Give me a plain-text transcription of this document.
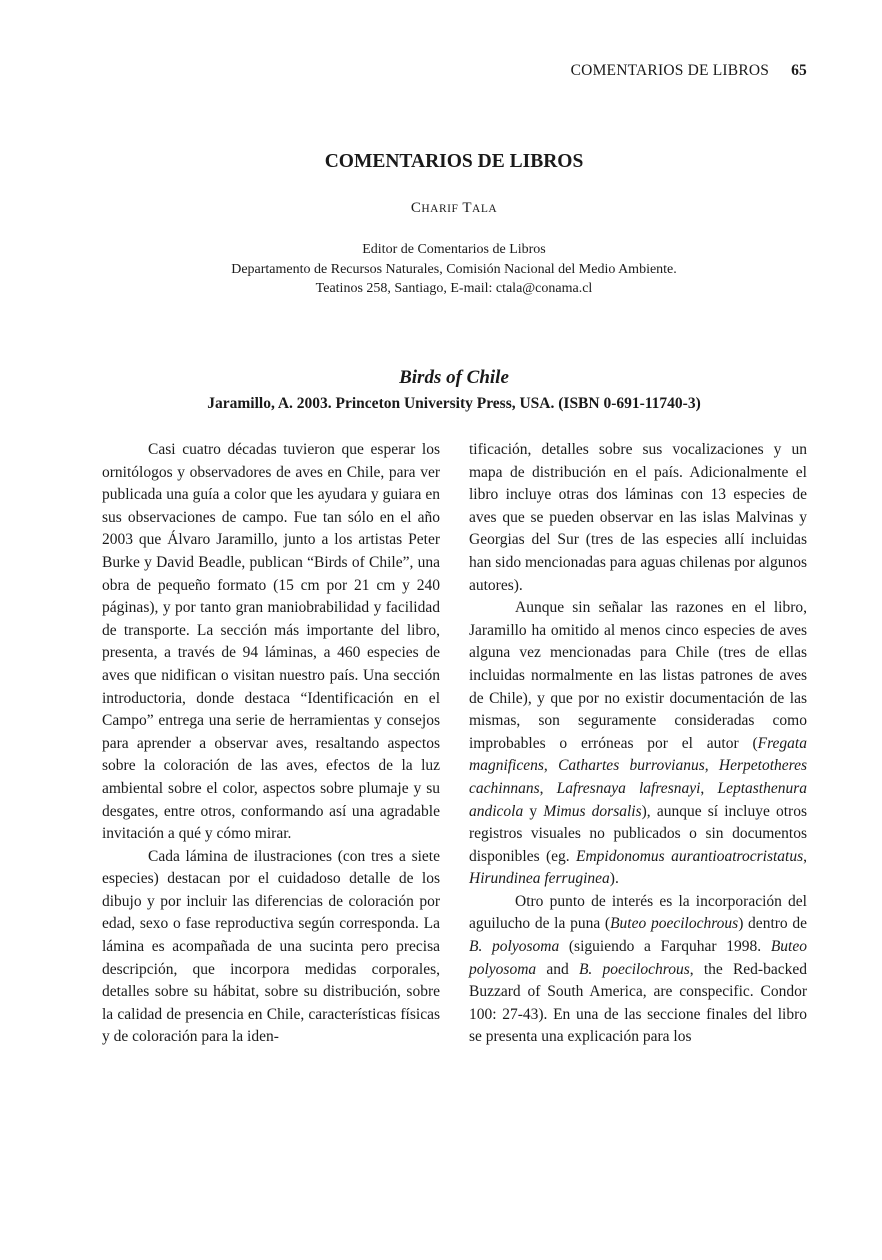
COMENTARIOS DE LIBROS 65
COMENTARIOS DE LIBROS
CHARIF TALA
Editor de Comentarios de Libros
Departamento de Recursos Naturales, Comisión Nacional del Medio Ambiente.
Teatinos 258, Santiago, E-mail: ctala@conama.cl
Birds of Chile
Jaramillo, A. 2003. Princeton University Press, USA. (ISBN 0-691-11740-3)

Casi cuatro décadas tuvieron que esperar los ornitólogos y observadores de aves en Chile, para ver publicada una guía a color que les ayudara y guiara en sus observaciones de campo. Fue tan sólo en el año 2003 que Álvaro Jaramillo, junto a los artistas Peter Burke y David Beadle, publican “Birds of Chile”, una obra de pequeño formato (15 cm por 21 cm y 240 páginas), y por tanto gran maniobrabilidad y facilidad de transporte. La sección más importante del libro, presenta, a través de 94 láminas, a 460 especies de aves que nidifican o visitan nuestro país. Una sección introductoria, donde destaca “Identificación en el Campo” entrega una serie de herramientas y consejos para aprender a observar aves, resaltando aspectos sobre la coloración de las aves, efectos de la luz ambiental sobre el color, aspectos sobre plumaje y su desgates, entre otros, conformando así una agradable invitación a qué y cómo mirar.

Cada lámina de ilustraciones (con tres a siete especies) destacan por el cuidadoso detalle de los dibujo y por incluir las diferencias de coloración por edad, sexo o fase reproductiva según corresponda. La lámina es acompañada de una sucinta pero precisa descripción, que incorpora medidas corporales, detalles sobre su hábitat, sobre su distribución, sobre la calidad de presencia en Chile, características físicas y de coloración para la iden-

tificación, detalles sobre sus vocalizaciones y un mapa de distribución en el país. Adicionalmente el libro incluye otras dos láminas con 13 especies de aves que se pueden observar en las islas Malvinas y Georgias del Sur (tres de las especies allí incluidas han sido mencionadas para aguas chilenas por algunos autores).

Aunque sin señalar las razones en el libro, Jaramillo ha omitido al menos cinco especies de aves alguna vez mencionadas para Chile (tres de ellas incluidas normalmente en las listas patrones de aves de Chile), y que por no existir documentación de las mismas, son seguramente consideradas como improbables o erróneas por el autor (Fregata magnificens, Cathartes burrovianus, Herpetotheres cachinnans, Lafresnaya lafresnayi, Leptasthenura andicola y Mimus dorsalis), aunque sí incluye otros registros visuales no publicados o sin documentos disponibles (eg. Empidonomus aurantioatrocristatus, Hirundinea ferruginea).

Otro punto de interés es la incorporación del aguilucho de la puna (Buteo poecilochrous) dentro de B. polyosoma (siguiendo a Farquhar 1998. Buteo polyosoma and B. poecilochrous, the Red-backed Buzzard of South America, are conspecific. Condor 100: 27-43). En una de las seccione finales del libro se presenta una explicación para los
